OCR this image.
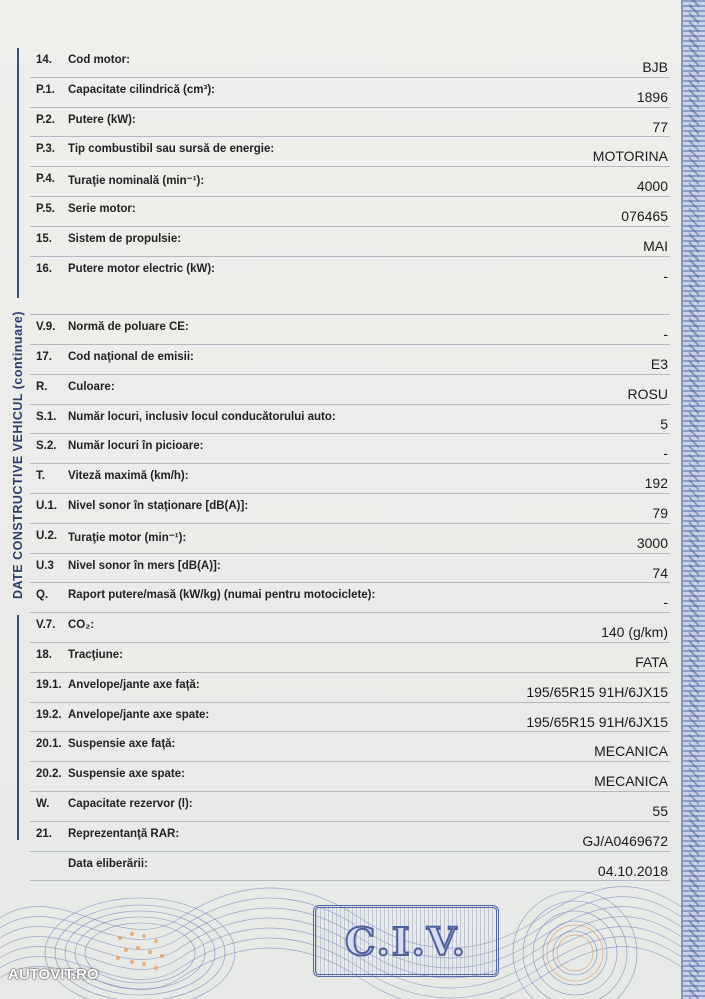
DATE CONSTRUCTIVE VEHICUL (continuare)
14. Cod motor:	BJB
P.1. Capacitate cilindrică (cm³):	1896
P.2. Putere (kW):	77
P.3. Tip combustibil sau sursă de energie:	MOTORINA
P.4. Turaţie nominală (min⁻¹):	4000
P.5. Serie motor:	076465
15. Sistem de propulsie:	MAI
16. Putere motor electric (kW):	-
V.9. Normă de poluare CE:	-
17. Cod naţional de emisii:	E3
R. Culoare:	ROSU
S.1. Număr locuri, inclusiv locul conducătorului auto:	5
S.2. Număr locuri în picioare:	-
T. Viteză maximă (km/h):	192
U.1. Nivel sonor în staţionare [dB(A)]:	79
U.2. Turaţie motor (min⁻¹):	3000
U.3 Nivel sonor în mers [dB(A)]:	74
Q. Raport putere/masă (kW/kg) (numai pentru motociclete):	-
V.7. CO₂:	140 (g/km)
18. Tracţiune:	FATA
19.1. Anvelope/jante axe faţă:	195/65R15 91H/6JX15
19.2. Anvelope/jante axe spate:	195/65R15 91H/6JX15
20.1. Suspensie axe faţă:	MECANICA
20.2. Suspensie axe spate:	MECANICA
W. Capacitate rezervor (l):	55
21. Reprezentanţă RAR:	GJ/A0469672
Data eliberării:	04.10.2018
C.I.V.
AUTOVIT.RO
